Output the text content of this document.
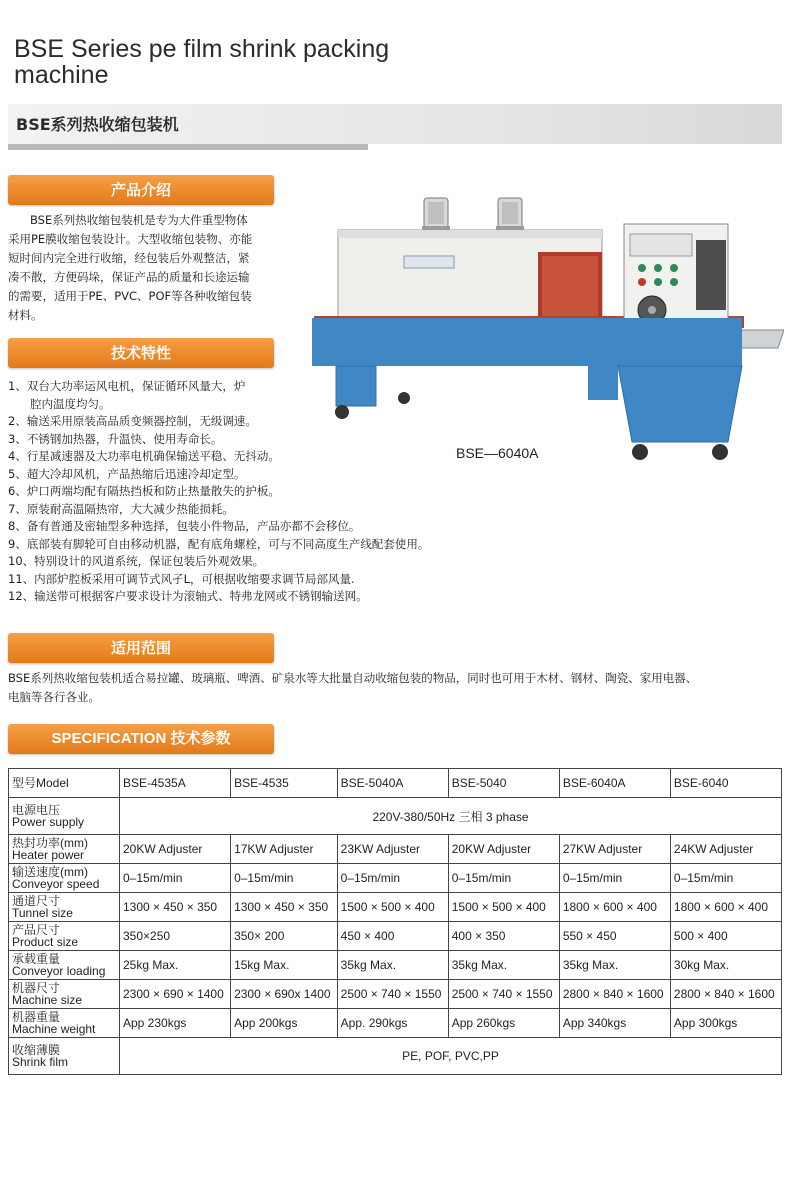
BSE Series pe film shrink packing machine
BSE系列热收缩包装机
产品介绍
BSE系列热收缩包装机是专为大件重型物体
采用PE膜收缩包装设计。大型收缩包装物、亦能
短时间内完全进行收缩，经包装后外观整洁，紧
凑不散，方便码垛，保证产品的质量和长途运输
的需要，适用于PE、PVC、POF等各种收缩包装
材料。
技术特性
1、双台大功率运风电机，保证循环风量大，炉
腔内温度均匀。
2、输送采用原装高品质变频器控制，无级调速。
3、不锈钢加热器，升温快、使用寿命长。
4、行星减速器及大功率电机确保输送平稳、无抖动。
5、超大冷却风机，产品热缩后迅速冷却定型。
6、炉口两端均配有隔热挡板和防止热量散失的护板。
7、原装耐高温隔热帘，大大减少热能损耗。
8、备有普通及密轴型多种选择，包装小件物品，产品亦都不会移位。
9、底部装有脚轮可自由移动机器，配有底角螺栓，可与不同高度生产线配套使用。
10、特别设计的风道系统，保证包装后外观效果。
11、内部炉腔板采用可调节式风孑L，可根据收缩要求调节局部风量.
12、输送带可根据客户要求设计为滚轴式、特弗龙网或不锈钢输送网。
BSE—6040A
适用范围
BSE系列热收缩包装机适合易拉罐、玻璃瓶、啤酒、矿泉水等大批量自动收缩包装的物品，同时也可用于木材、钢材、陶瓷、家用电器、
电脑等各行各业。
SPECIFICATION 技术参数
型号Model	BSE-4535A	BSE-4535	BSE-5040A	BSE-5040	BSE-6040A	BSE-6040

电源电压
Power supply	220V-380/50Hz 三相 3 phase					

热封功率(mm)
Heater power	20KW Adjuster	17KW Adjuster	23KW Adjuster	20KW Adjuster	27KW Adjuster	24KW Adjuster

输送速度(mm)
Conveyor speed	0–15m/min	0–15m/min	0–15m/min	0–15m/min	0–15m/min	0–15m/min

通道尺寸
Tunnel size	1300 × 450 × 350	1300 × 450 × 350	1500 × 500 × 400	1500 × 500 × 400	1800 × 600 × 400	1800 × 600 × 400

产品尺寸
Product size	350×250	350× 200	450 × 400	400 × 350	550 × 450	500 × 400

承载重量
Conveyor loading	25kg Max.	15kg Max.	35kg Max.	35kg Max.	35kg Max.	30kg Max.

机器尺寸
Machine size	2300 × 690 × 1400	2300 × 690x 1400	2500 × 740 × 1550	2500 × 740 × 1550	2800 × 840 × 1600	2800 × 840 × 1600

机器重量
Machine weight	App 230kgs	App 200kgs	App. 290kgs	App 260kgs	App 340kgs	App 300kgs

收缩薄膜
Shrink film	PE, POF, PVC,PP					
